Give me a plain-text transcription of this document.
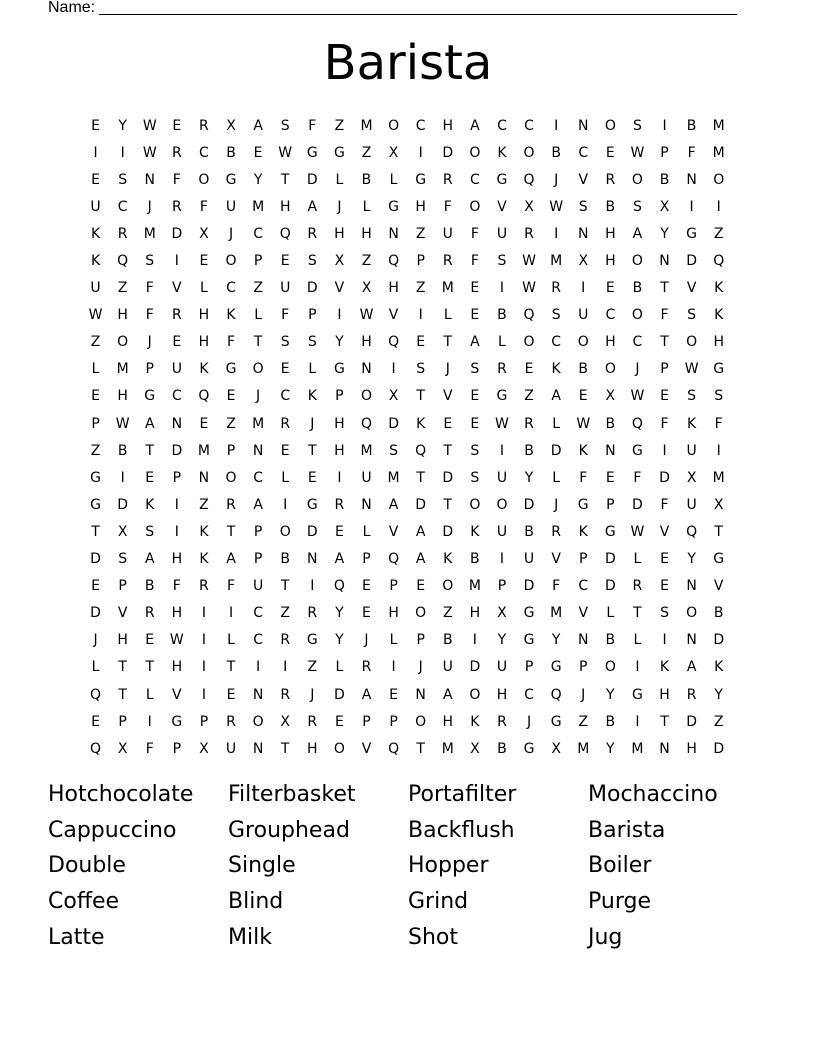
Name:
Barista
E	Y	W	E	R	X	A	S	F	Z	M	O	C	H	A	C	C	I	N	O	S	I	B	M
I	I	W	R	C	B	E	W	G	G	Z	X	I	D	O	K	O	B	C	E	W	P	F	M
E	S	N	F	O	G	Y	T	D	L	B	L	G	R	C	G	Q	J	V	R	O	B	N	O
U	C	J	R	F	U	M	H	A	J	L	G	H	F	O	V	X	W	S	B	S	X	I	I
K	R	M	D	X	J	C	Q	R	H	H	N	Z	U	F	U	R	I	N	H	A	Y	G	Z
K	Q	S	I	E	O	P	E	S	X	Z	Q	P	R	F	S	W	M	X	H	O	N	D	Q
U	Z	F	V	L	C	Z	U	D	V	X	H	Z	M	E	I	W	R	I	E	B	T	V	K
W	H	F	R	H	K	L	F	P	I	W	V	I	L	E	B	Q	S	U	C	O	F	S	K
Z	O	J	E	H	F	T	S	S	Y	H	Q	E	T	A	L	O	C	O	H	C	T	O	H
L	M	P	U	K	G	O	E	L	G	N	I	S	J	S	R	E	K	B	O	J	P	W	G
E	H	G	C	Q	E	J	C	K	P	O	X	T	V	E	G	Z	A	E	X	W	E	S	S
P	W	A	N	E	Z	M	R	J	H	Q	D	K	E	E	W	R	L	W	B	Q	F	K	F
Z	B	T	D	M	P	N	E	T	H	M	S	Q	T	S	I	B	D	K	N	G	I	U	I
G	I	E	P	N	O	C	L	E	I	U	M	T	D	S	U	Y	L	F	E	F	D	X	M
G	D	K	I	Z	R	A	I	G	R	N	A	D	T	O	O	D	J	G	P	D	F	U	X
T	X	S	I	K	T	P	O	D	E	L	V	A	D	K	U	B	R	K	G	W	V	Q	T
D	S	A	H	K	A	P	B	N	A	P	Q	A	K	B	I	U	V	P	D	L	E	Y	G
E	P	B	F	R	F	U	T	I	Q	E	P	E	O	M	P	D	F	C	D	R	E	N	V
D	V	R	H	I	I	C	Z	R	Y	E	H	O	Z	H	X	G	M	V	L	T	S	O	B
J	H	E	W	I	L	C	R	G	Y	J	L	P	B	I	Y	G	Y	N	B	L	I	N	D
L	T	T	H	I	T	I	I	Z	L	R	I	J	U	D	U	P	G	P	O	I	K	A	K
Q	T	L	V	I	E	N	R	J	D	A	E	N	A	O	H	C	Q	J	Y	G	H	R	Y
E	P	I	G	P	R	O	X	R	E	P	P	O	H	K	R	J	G	Z	B	I	T	D	Z
Q	X	F	P	X	U	N	T	H	O	V	Q	T	M	X	B	G	X	M	Y	M	N	H	D
Hotchocolate	Filterbasket	Portafilter	Mochaccino
Cappuccino	Grouphead	Backflush	Barista
Double	Single	Hopper	Boiler
Coffee	Blind	Grind	Purge
Latte	Milk	Shot	Jug
